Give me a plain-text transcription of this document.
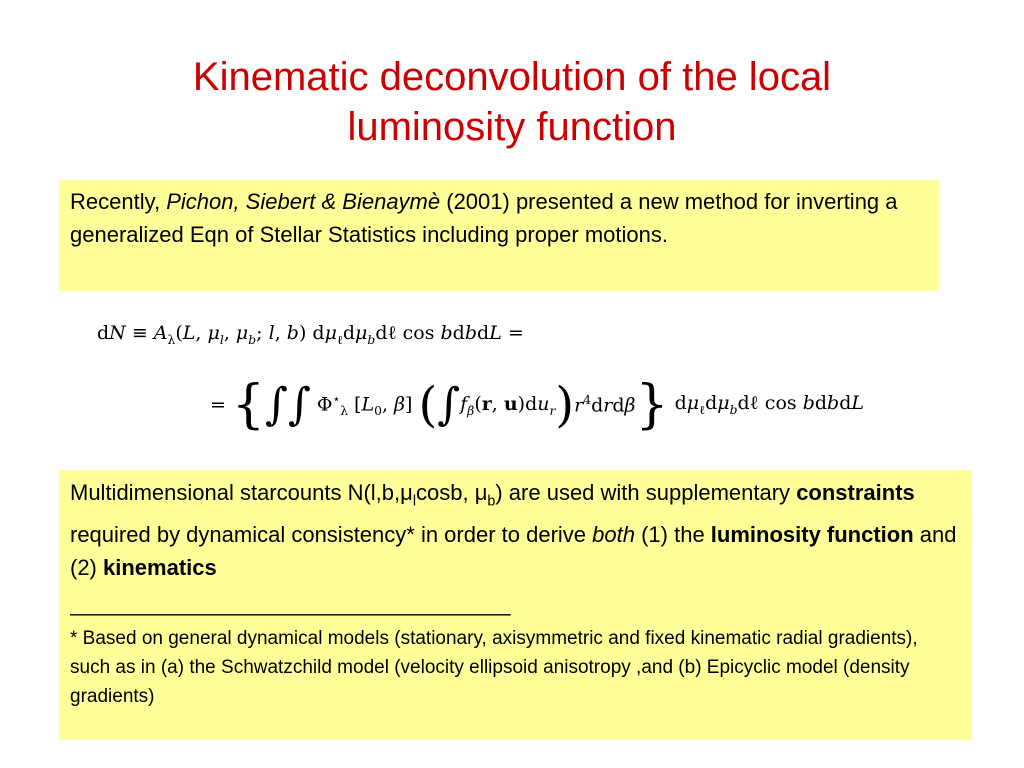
Kinematic deconvolution of the local
luminosity function
Recently, Pichon, Siebert & Bienaymè (2001) presented a new method for inverting a generalized Eqn of Stellar Statistics including proper motions.
dN ≡ $A_\lambda(L$, $\mu_l$, $\mu_b$; l, b) $d\mu_\ell d\mu_bd\ell$ cos bdbdL =
= { ∫∫ $\Phi^⋆_\lambda$ [$L_0$, β] ( ∫ $f_\beta(r$, $u)du_r$ ) $r^4drd\beta$ } $d\mu_\ell d\mu_bd\ell$ cos bdbdL
Multidimensional starcounts $N(l,b,\mu_l\cos b$, $\mu_b$) are used with supplementary constraints required by dynamical consistency* in order to derive both (1) the luminosity function and (2) kinematics
____________________________________
* Based on general dynamical models (stationary, axisymmetric and fixed kinematic radial gradients), such as in (a) the Schwatzchild model (velocity ellipsoid anisotropy ,and (b) Epicyclic model (density gradients)
